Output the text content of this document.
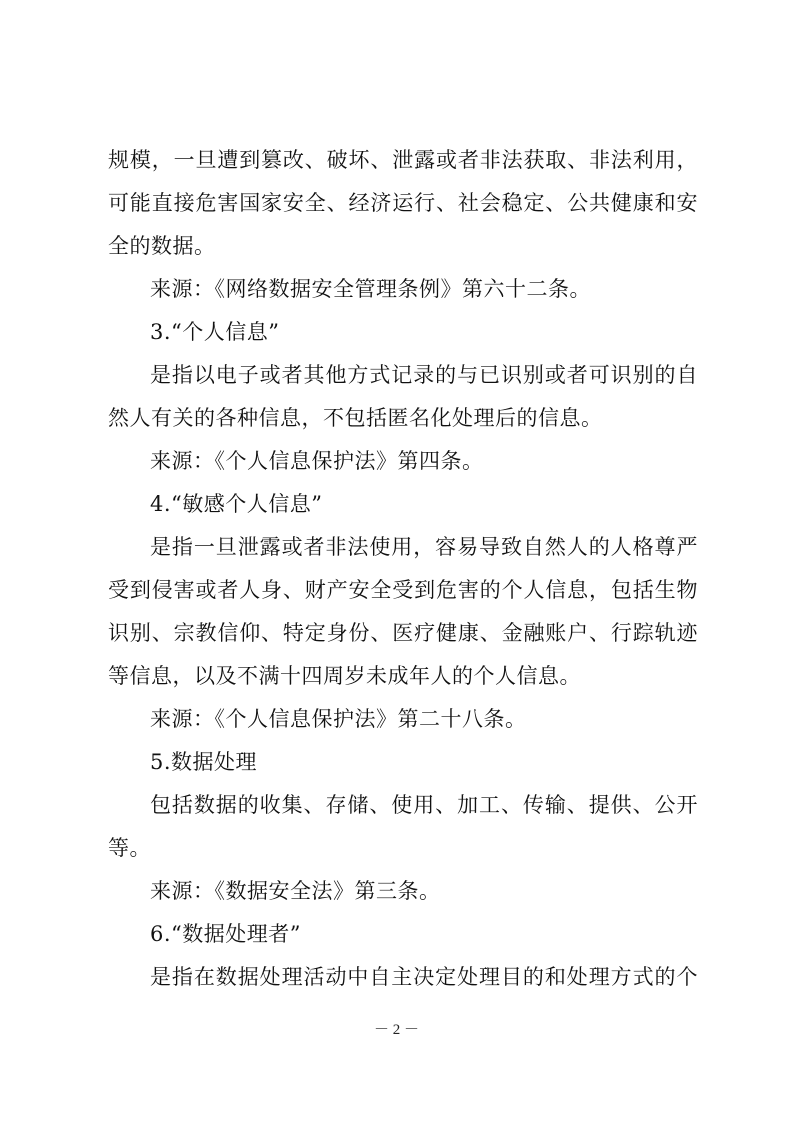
规模，一旦遭到篡改、破坏、泄露或者非法获取、非法利用，
可能直接危害国家安全、经济运行、社会稳定、公共健康和安
全的数据。
来源：《网络数据安全管理条例》第六十二条。
3.“个人信息”
是指以电子或者其他方式记录的与已识别或者可识别的自
然人有关的各种信息，不包括匿名化处理后的信息。
来源：《个人信息保护法》第四条。
4.“敏感个人信息”
是指一旦泄露或者非法使用，容易导致自然人的人格尊严
受到侵害或者人身、财产安全受到危害的个人信息，包括生物
识别、宗教信仰、特定身份、医疗健康、金融账户、行踪轨迹
等信息，以及不满十四周岁未成年人的个人信息。
来源：《个人信息保护法》第二十八条。
5.数据处理
包括数据的收集、存储、使用、加工、传输、提供、公开
等。
来源：《数据安全法》第三条。
6.“数据处理者”
是指在数据处理活动中自主决定处理目的和处理方式的个
－ 2 －
